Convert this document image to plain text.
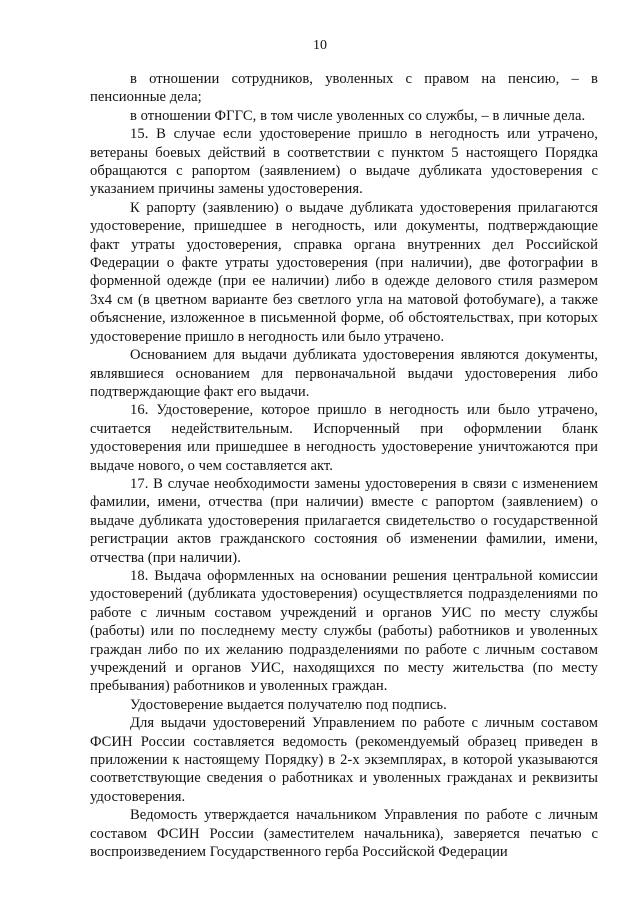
10

в отношении сотрудников, уволенных с правом на пенсию, – в пенсионные дела;

в отношении ФГГС, в том числе уволенных со службы, – в личные дела.

15. В случае если удостоверение пришло в негодность или утрачено, ветераны боевых действий в соответствии с пунктом 5 настоящего Порядка обращаются с рапортом (заявлением) о выдаче дубликата удостоверения с указанием причины замены удостоверения.

К рапорту (заявлению) о выдаче дубликата удостоверения прилагаются удостоверение, пришедшее в негодность, или документы, подтверждающие факт утраты удостоверения, справка органа внутренних дел Российской Федерации о факте утраты удостоверения (при наличии), две фотографии в форменной одежде (при ее наличии) либо в одежде делового стиля размером 3x4 см (в цветном варианте без светлого угла на матовой фотобумаге), а также объяснение, изложенное в письменной форме, об обстоятельствах, при которых удостоверение пришло в негодность или было утрачено.

Основанием для выдачи дубликата удостоверения являются документы, являвшиеся основанием для первоначальной выдачи удостоверения либо подтверждающие факт его выдачи.

16. Удостоверение, которое пришло в негодность или было утрачено, считается недействительным. Испорченный при оформлении бланк удостоверения или пришедшее в негодность удостоверение уничтожаются при выдаче нового, о чем составляется акт.

17. В случае необходимости замены удостоверения в связи с изменением фамилии, имени, отчества (при наличии) вместе с рапортом (заявлением) о выдаче дубликата удостоверения прилагается свидетельство о государственной регистрации актов гражданского состояния об изменении фамилии, имени, отчества (при наличии).

18. Выдача оформленных на основании решения центральной комиссии удостоверений (дубликата удостоверения) осуществляется подразделениями по работе с личным составом учреждений и органов УИС по месту службы (работы) или по последнему месту службы (работы) работников и уволенных граждан либо по их желанию подразделениями по работе с личным составом учреждений и органов УИС, находящихся по месту жительства (по месту пребывания) работников и уволенных граждан.

Удостоверение выдается получателю под подпись.

Для выдачи удостоверений Управлением по работе с личным составом ФСИН России составляется ведомость (рекомендуемый образец приведен в приложении к настоящему Порядку) в 2-х экземплярах, в которой указываются соответствующие сведения о работниках и уволенных гражданах и реквизиты удостоверения.

Ведомость утверждается начальником Управления по работе с личным составом ФСИН России (заместителем начальника), заверяется печатью с воспроизведением Государственного герба Российской Федерации
